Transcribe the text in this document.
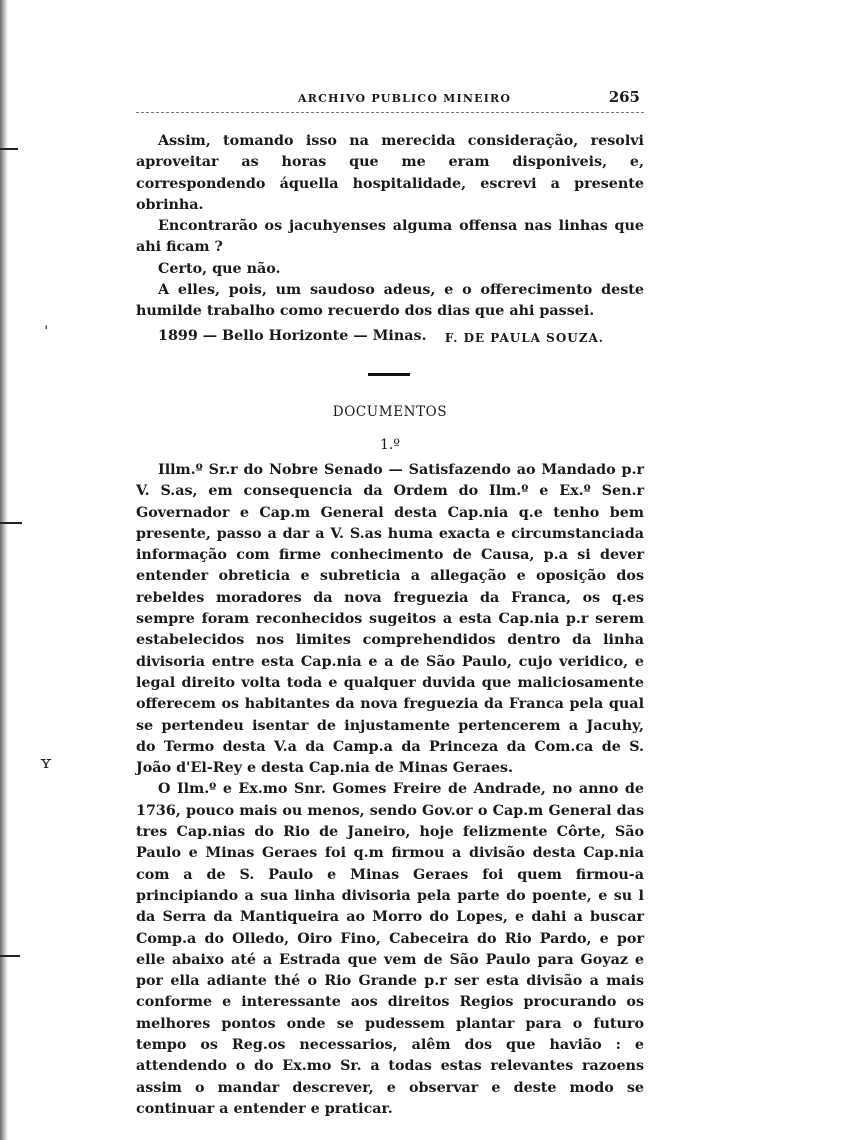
ˌ
ʏ
ARCHIVO PUBLICO MINEIRO	265

Assim, tomando isso na merecida consideração, resolvi aproveitar as horas que me eram disponiveis, e, correspondendo áquella hospitalidade, escrevi a presente obrinha.

Encontrarão os jacuhyenses alguma offensa nas linhas que ahi ficam ?

Certo, que não.

A elles, pois, um saudoso adeus, e o offerecimento deste humilde trabalho como recuerdo dos dias que ahi passei.

F. DE PAULA SOUZA.

1899 — Bello Horizonte — Minas.
DOCUMENTOS
1.º

Illm.º Sr.r do Nobre Senado — Satisfazendo ao Mandado p.r V. S.as, em consequencia da Ordem do Ilm.º e Ex.º Sen.r Governador e Cap.m General desta Cap.nia q.e tenho bem presente, passo a dar a V. S.as huma exacta e circumstanciada informação com firme conhecimento de Causa, p.a si dever entender obreticia e subreticia a allegação e oposição dos rebeldes moradores da nova freguezia da Franca, os q.es sempre foram reconhecidos sugeitos a esta Cap.nia p.r serem estabelecidos nos limites comprehendidos dentro da linha divisoria entre esta Cap.nia e a de São Paulo, cujo veridico, e legal direito volta toda e qualquer duvida que maliciosamente offerecem os habitantes da nova freguezia da Franca pela qual se pertendeu isentar de injustamente pertencerem a Jacuhy, do Termo desta V.a da Camp.a da Princeza da Com.ca de S. João d'El-Rey e desta Cap.nia de Minas Geraes.

O Ilm.º e Ex.mo Snr. Gomes Freire de Andrade, no anno de 1736, pouco mais ou menos, sendo Gov.or o Cap.m General das tres Cap.nias do Rio de Janeiro, hoje felizmente Côrte, São Paulo e Minas Geraes foi q.m firmou a divisão desta Cap.nia com a de S. Paulo e Minas Geraes foi quem firmou-a principiando a sua linha divisoria pela parte do poente, e su l da Serra da Mantiqueira ao Morro do Lopes, e dahi a buscar Comp.a do Olledo, Oiro Fino, Cabeceira do Rio Pardo, e por elle abaixo até a Estrada que vem de São Paulo para Goyaz e por ella adiante thé o Rio Grande p.r ser esta divisão a mais conforme e interessante aos direitos Regios procurando os melhores pontos onde se pudessem plantar para o futuro tempo os Reg.os necessarios, alêm dos que havião : e attendendo o do Ex.mo Sr. a todas estas relevantes razoens assim o mandar descrever, e observar e deste modo se continuar a entender e praticar.
